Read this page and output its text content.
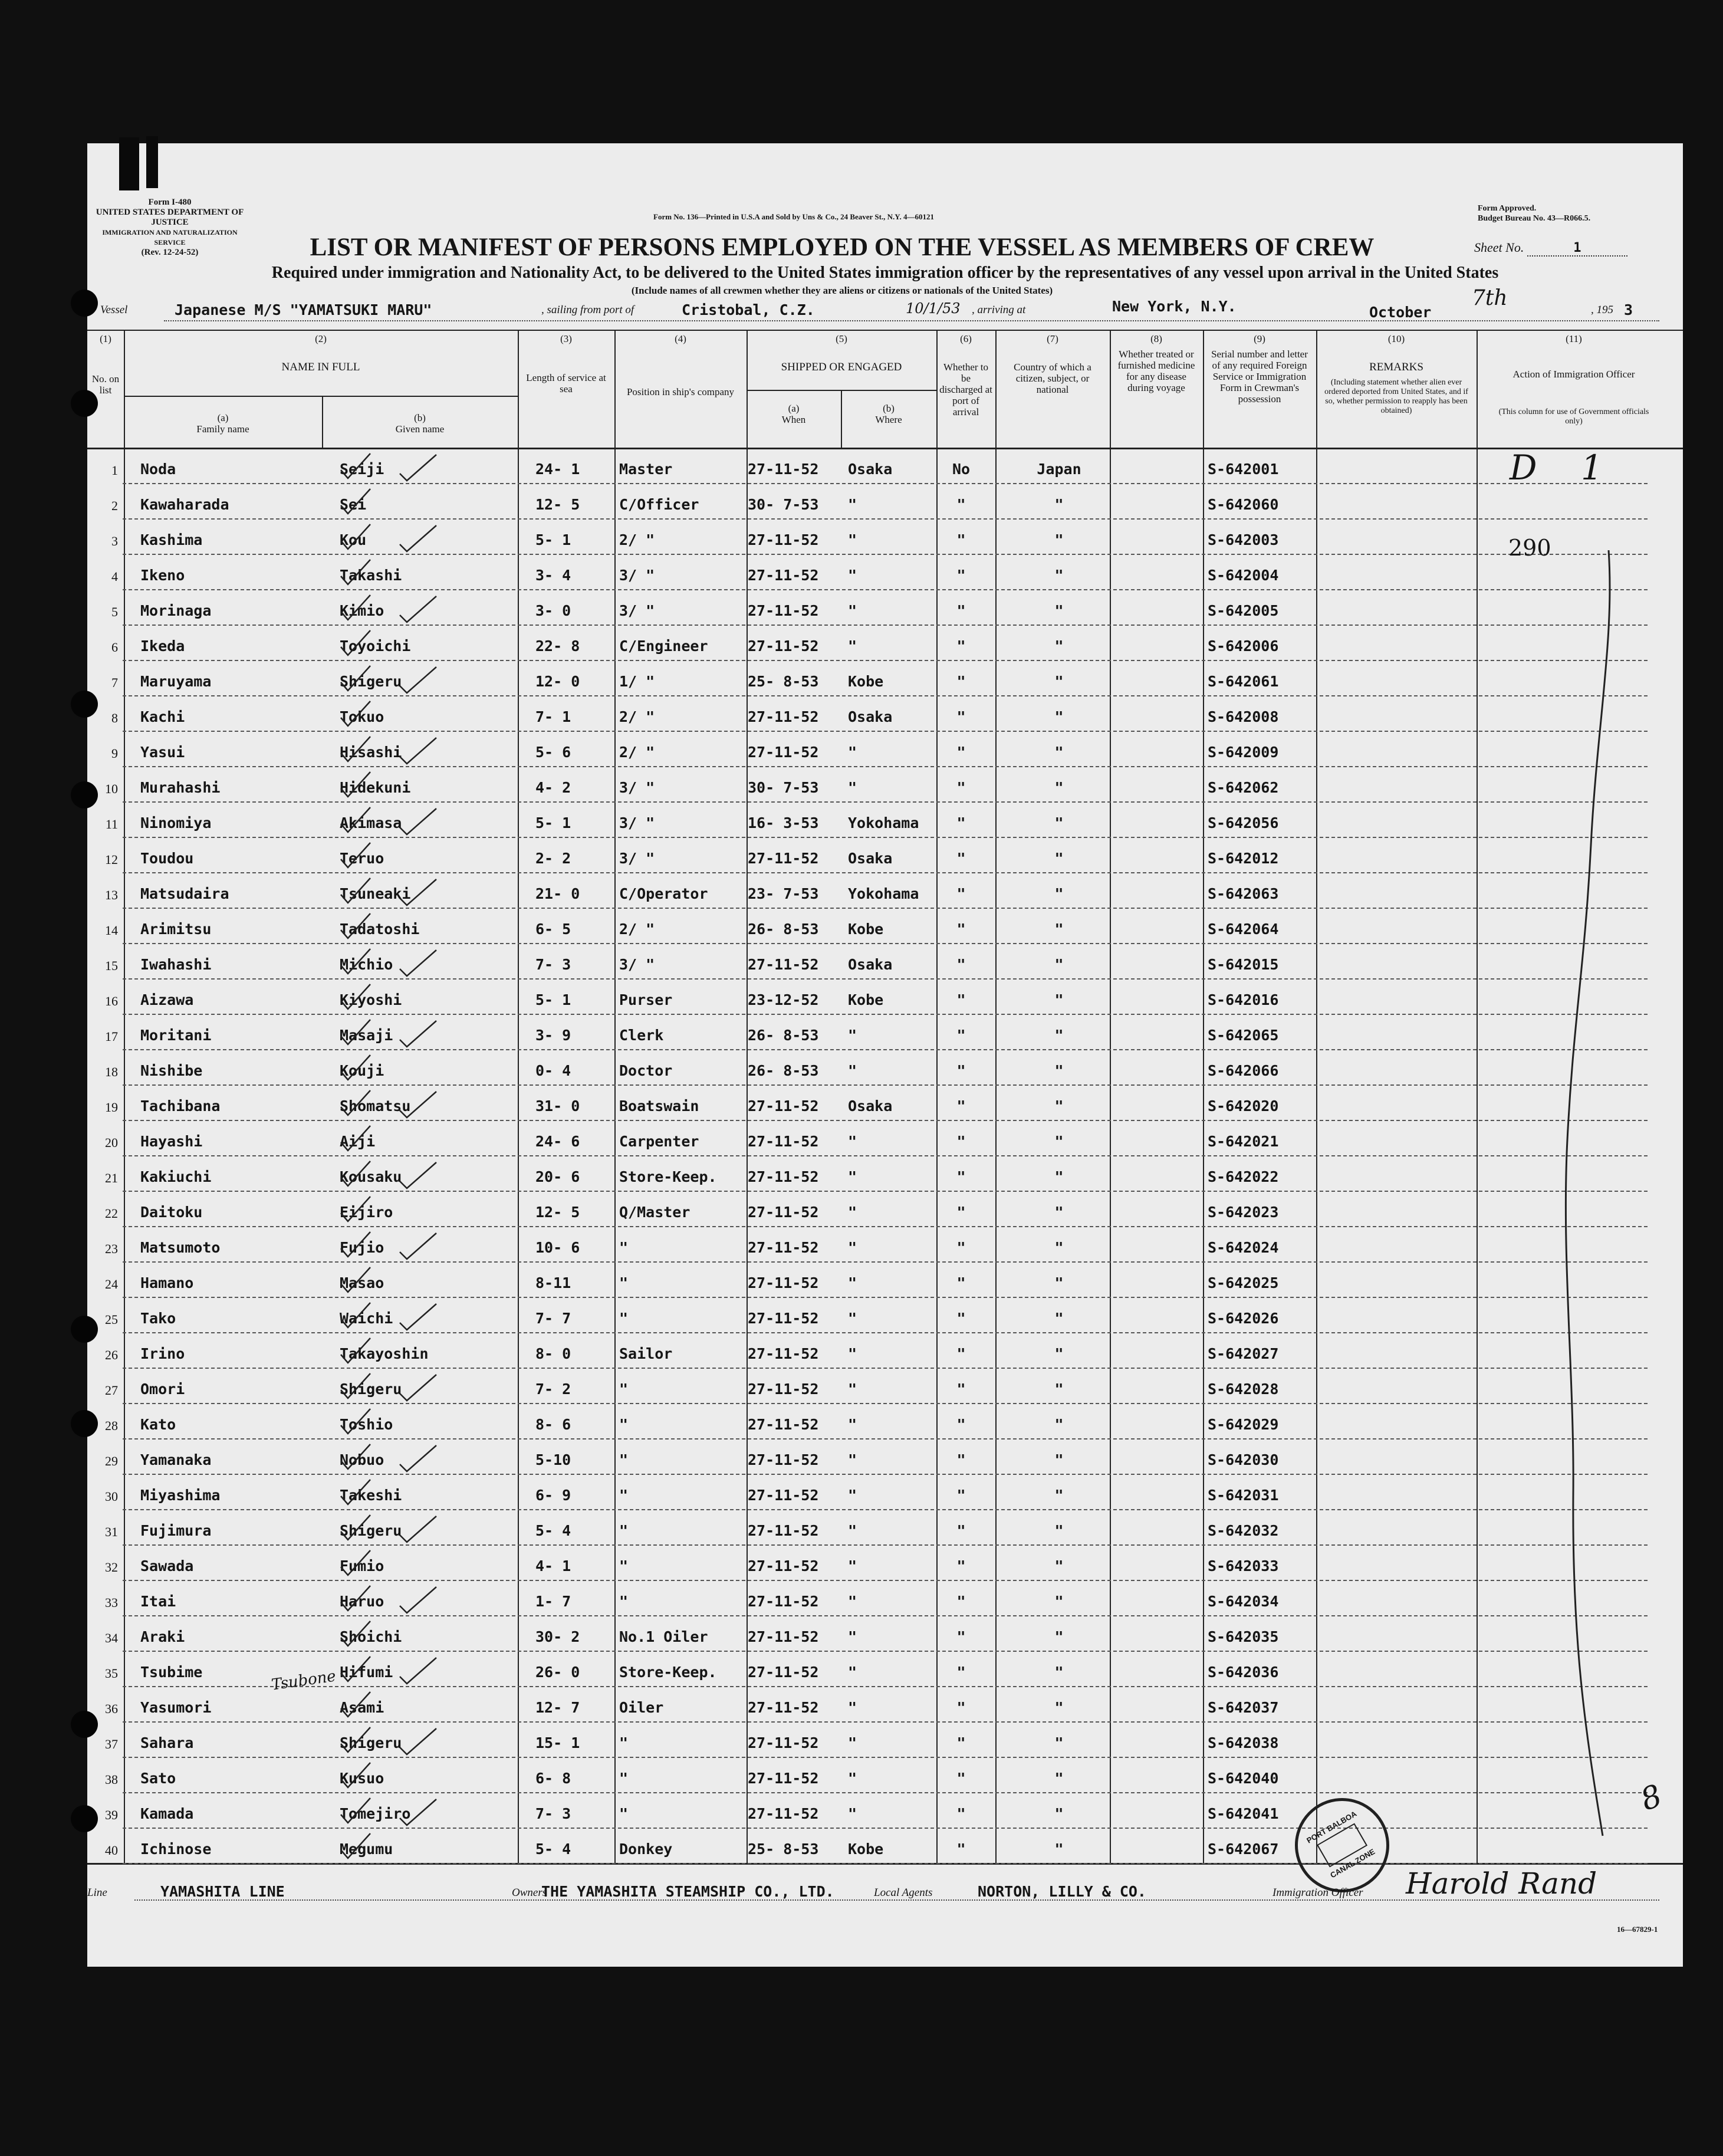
Form I-480
UNITED STATES DEPARTMENT OF JUSTICE
IMMIGRATION AND NATURALIZATION SERVICE
(Rev. 12-24-52)
Form No. 136—Printed in U.S.A and Sold by Uns & Co., 24 Beaver St., N.Y. 4—60121
Form Approved.
Budget Bureau No. 43—R066.5.
LIST OR MANIFEST OF PERSONS EMPLOYED ON THE VESSEL AS MEMBERS OF CREW	Sheet No.	1
Required under immigration and Nationality Act, to be delivered to the United States immigration officer by the representatives of any vessel upon arrival in the United States
(Include names of all crewmen whether they are aliens or citizens or nationals of the United States)
Vessel	Japanese M/S "YAMATSUKI MARU"	, sailing from port of	Cristobal, C.Z.	10/1/53 , arriving at	New York, N.Y.	October
7th	, 195 3
(1)	(2)	(3)	(4)	(5)	(6)	(7)	(8)	(9)	(10)	(11)
No. on list
NAME IN FULL
(a)
Family name
(b)
Given name
Length of service at sea	Position in ship's company
SHIPPED OR ENGAGED
(a)
When
(b)
Where
Whether to be discharged at port of arrival
Country of which a citizen, subject, or national
Whether treated or furnished medicine for any disease during voyage
Serial number and letter of any required Foreign Service or Immigration Form in Crewman's possession
REMARKS
(Including statement whether alien ever ordered deported from United States, and if so, whether permission to reapply has been obtained)
Action of Immigration Officer
(This column for use of Government officials only)
1 Noda	Seiji	24- 1	Master	27-11-52 Osaka	No	Japan	S-642001
2 Kawaharada	Sei	12- 5	C/Officer	30- 7-53 "	"	"	S-642060
3 Kashima	Kou	5- 1	2/ "	27-11-52 "	"	"	S-642003
4 Ikeno	Takashi	3- 4	3/ "	27-11-52 "	"	"	S-642004
5 Morinaga	Kimio	3- 0	3/ "	27-11-52 "	"	"	S-642005
6 Ikeda	Toyoichi	22- 8	C/Engineer	27-11-52 "	"	"	S-642006
7 Maruyama	Shigeru	12- 0	1/ "	25- 8-53 Kobe	"	"	S-642061
8 Kachi	Tokuo	7- 1	2/ "	27-11-52 Osaka	"	"	S-642008
9 Yasui	Hisashi	5- 6	2/ "	27-11-52 "	"	"	S-642009
10 Murahashi	Hidekuni	4- 2	3/ "	30- 7-53 "	"	"	S-642062
11 Ninomiya	Akimasa	5- 1	3/ "	16- 3-53 Yokohama	"	"	S-642056
12 Toudou	Teruo	2- 2	3/ "	27-11-52 Osaka	"	"	S-642012
13 Matsudaira	Tsuneaki	21- 0	C/Operator	23- 7-53 Yokohama	"	"	S-642063
14 Arimitsu	Tadatoshi	6- 5	2/ "	26- 8-53 Kobe	"	"	S-642064
15 Iwahashi	Michio	7- 3	3/ "	27-11-52 Osaka	"	"	S-642015
16 Aizawa	Kiyoshi	5- 1	Purser	23-12-52 Kobe	"	"	S-642016
17 Moritani	Masaji	3- 9	Clerk	26- 8-53 "	"	"	S-642065
18 Nishibe	Kouji	0- 4	Doctor	26- 8-53 "	"	"	S-642066
19 Tachibana	Shomatsu	31- 0	Boatswain	27-11-52 Osaka	"	"	S-642020
20 Hayashi	Aiji	24- 6	Carpenter	27-11-52 "	"	"	S-642021
21 Kakiuchi	Kousaku	20- 6	Store-Keep. 27-11-52 "	"	"	S-642022
22 Daitoku	Eijiro	12- 5	Q/Master	27-11-52 "	"	"	S-642023
23 Matsumoto	Fujio	10- 6	"	27-11-52 "	"	"	S-642024
24 Hamano	Masao	8-11	"	27-11-52 "	"	"	S-642025
25 Tako	Waichi	7- 7	"	27-11-52 "	"	"	S-642026
26 Irino	Takayoshin	8- 0	Sailor	27-11-52 "	"	"	S-642027
27 Omori	Shigeru	7- 2	"	27-11-52 "	"	"	S-642028
28 Kato	Toshio	8- 6	"	27-11-52 "	"	"	S-642029
29 Yamanaka	Nobuo	5-10	"	27-11-52 "	"	"	S-642030
30 Miyashima	Takeshi	6- 9	"	27-11-52 "	"	"	S-642031
31 Fujimura	Shigeru	5- 4	"	27-11-52 "	"	"	S-642032
32 Sawada	Fumio	4- 1	"	27-11-52 "	"	"	S-642033
33 Itai	Haruo	1- 7	"	27-11-52 "	"	"	S-642034
34 Araki	Shoichi	30- 2	No.1 Oiler	27-11-52 "	"	"	S-642035
35 Tsubime	Hifumi	26- 0	Store-Keep. 27-11-52 "	"	"	S-642036
36 Yasumori	Asami	12- 7	Oiler	27-11-52 "	"	"	S-642037
37 Sahara	Shigeru	15- 1	"	27-11-52 "	"	"	S-642038
38 Sato	Kusuo	6- 8	"	27-11-52 "	"	"	S-642040
39 Kamada	Tomejiro	7- 3	"	27-11-52 "	"	"	S-642041
40 Ichinose	Megumu	5- 4	Donkey	25- 8-53 Kobe	"	"	S-642067
D 1
290
Tsubone
8
PORT BALBOA
CANAL ZONE
Line	YAMASHITA LINE	Owners
THE YAMASHITA STEAMSHIP CO., LTD.	Local Agents	NORTON, LILLY & CO.	Immigration Officer Harold Rand
16—67829-1
